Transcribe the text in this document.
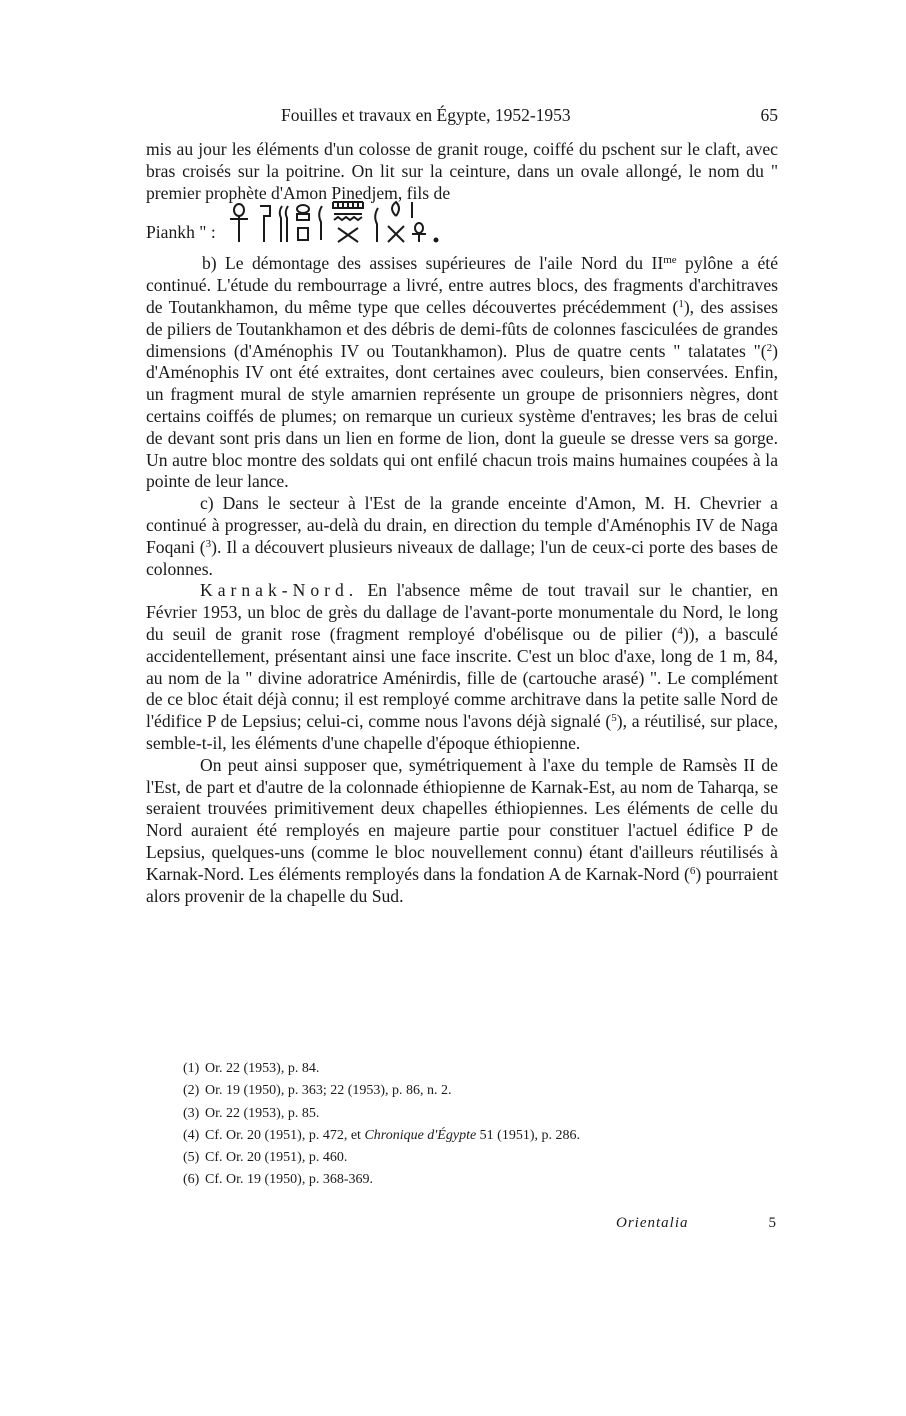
Fouilles et travaux en Égypte, 1952-1953	65

mis au jour les éléments d'un colosse de granit rouge, coiffé du pschent sur le claft, avec bras croisés sur la poitrine. On lit sur la ceinture, dans un ovale allongé, le nom du " premier prophète d'Amon Pinedjem, fils de

Piankh " :

b) Le démontage des assises supérieures de l'aile Nord du $II^{me}$ pylône a été continué. L'étude du rembourrage a livré, entre autres blocs, des fragments d'architraves de Toutankhamon, du même type que celles découvertes précédemment ($^1$), des assises de piliers de Toutankhamon et des débris de demi-fûts de colonnes fasciculées de grandes dimensions (d'Aménophis IV ou Toutankhamon). Plus de quatre cents " talatates "($^2$) d'Aménophis IV ont été extraites, dont certaines avec couleurs, bien conservées. Enfin, un fragment mural de style amarnien représente un groupe de prisonniers nègres, dont certains coiffés de plumes; on remarque un curieux système d'entraves; les bras de celui de devant sont pris dans un lien en forme de lion, dont la gueule se dresse vers sa gorge. Un autre bloc montre des soldats qui ont enfilé chacun trois mains humaines coupées à la pointe de leur lance.

c) Dans le secteur à l'Est de la grande enceinte d'Amon, M. H. Chevrier a continué à progresser, au-delà du drain, en direction du temple d'Aménophis IV de Naga Foqani ($^3$). Il a découvert plusieurs niveaux de dallage; l'un de ceux-ci porte des bases de colonnes.

Karnak-Nord. En l'absence même de tout travail sur le chantier, en Février 1953, un bloc de grès du dallage de l'avant-porte monumentale du Nord, le long du seuil de granit rose (fragment remployé d'obélisque ou de pilier ($^4$)), a basculé accidentellement, présentant ainsi une face inscrite. C'est un bloc d'axe, long de 1 m, 84, au nom de la " divine adoratrice Aménirdis, fille de (cartouche arasé) ". Le complément de ce bloc était déjà connu; il est remployé comme architrave dans la petite salle Nord de l'édifice P de Lepsius; celui-ci, comme nous l'avons déjà signalé ($^5$), a réutilisé, sur place, semble-t-il, les éléments d'une chapelle d'époque éthiopienne.

On peut ainsi supposer que, symétriquement à l'axe du temple de Ramsès II de l'Est, de part et d'autre de la colonnade éthiopienne de Karnak-Est, au nom de Taharqa, se seraient trouvées primitivement deux chapelles éthiopiennes. Les éléments de celle du Nord auraient été remployés en majeure partie pour constituer l'actuel édifice P de Lepsius, quelques-uns (comme le bloc nouvellement connu) étant d'ailleurs réutilisés à Karnak-Nord. Les éléments remployés dans la fondation A de Karnak-Nord ($^6$) pourraient alors provenir de la chapelle du Sud.

(1) Or. 22 (1953), p. 84.
(2) Or. 19 (1950), p. 363; 22 (1953), p. 86, n. 2.
(3) Or. 22 (1953), p. 85.
(4) Cf. Or. 20 (1951), p. 472, et Chronique d'Égypte 51 (1951), p. 286.
(5) Cf. Or. 20 (1951), p. 460.
(6) Cf. Or. 19 (1950), p. 368-369.
Orientalia	5
